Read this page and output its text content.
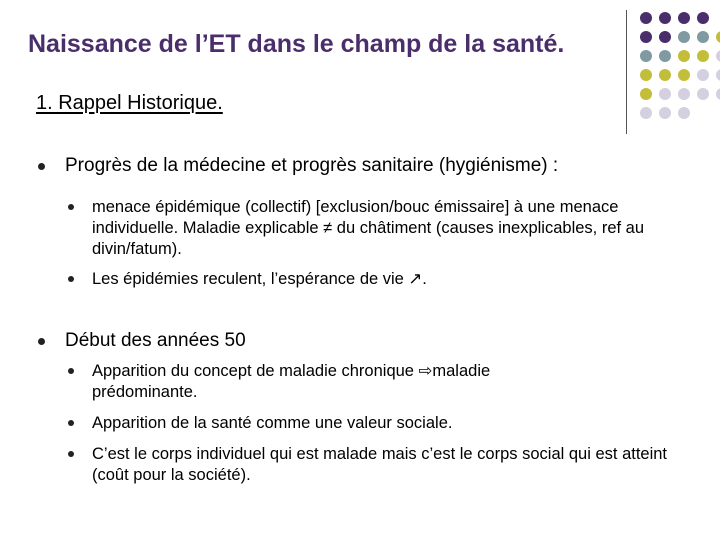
Naissance de l’ET dans le champ de la santé.
1. Rappel Historique.
Progrès de la médecine et progrès sanitaire (hygiénisme) :
menace épidémique (collectif) [exclusion/bouc émissaire] à une menace individuelle. Maladie explicable ≠ du châtiment (causes inexplicables, ref au divin/fatum).
Les épidémies reculent, l’espérance de vie ↗.
Début des années 50
Apparition du concept de maladie chronique ⇨maladie prédominante.
Apparition de la santé comme une valeur sociale.
C’est le corps individuel qui est malade mais c’est le corps social qui est atteint (coût pour la société).
